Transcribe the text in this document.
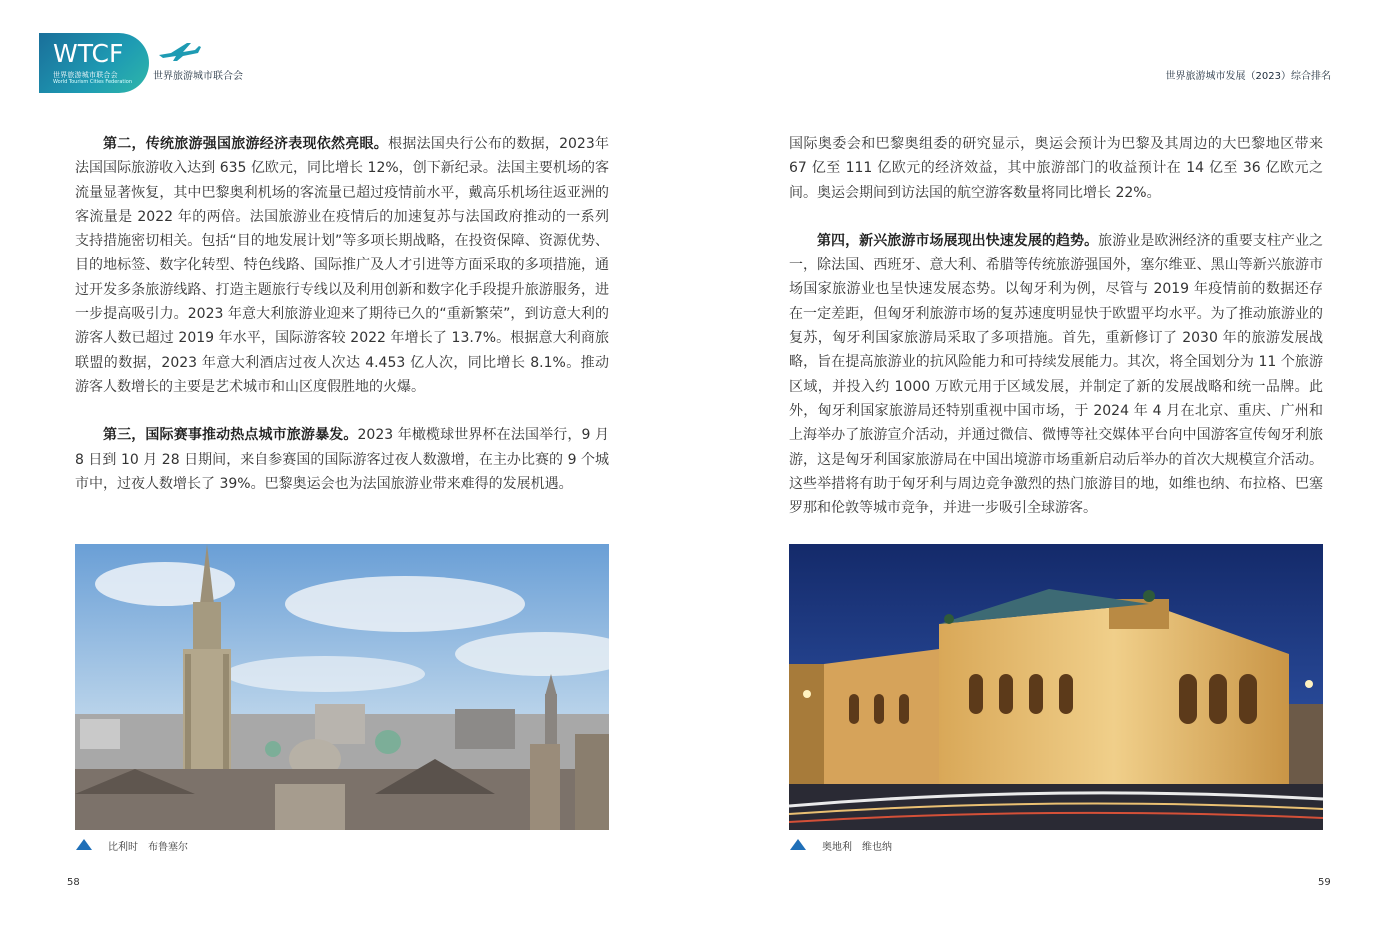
WTCF
世界旅游城市联合会
World Tourism Cities Federation 世界旅游城市联合会	世界旅游城市发展（2023）综合排名

第二，传统旅游强国旅游经济表现依然亮眼。根据法国央行公布的数据，2023年法国国际旅游收入达到 635 亿欧元，同比增长 12%，创下新纪录。法国主要机场的客流量显著恢复，其中巴黎奥利机场的客流量已超过疫情前水平，戴高乐机场往返亚洲的客流量是 2022 年的两倍。法国旅游业在疫情后的加速复苏与法国政府推动的一系列支持措施密切相关。包括“目的地发展计划”等多项长期战略，在投资保障、资源优势、目的地标签、数字化转型、特色线路、国际推广及人才引进等方面采取的多项措施，通过开发多条旅游线路、打造主题旅行专线以及利用创新和数字化手段提升旅游服务，进一步提高吸引力。2023 年意大利旅游业迎来了期待已久的“重新繁荣”，到访意大利的游客人数已超过 2019 年水平，国际游客较 2022 年增长了 13.7%。根据意大利商旅联盟的数据，2023 年意大利酒店过夜人次达 4.453 亿人次，同比增长 8.1%。推动游客人数增长的主要是艺术城市和山区度假胜地的火爆。

第三，国际赛事推动热点城市旅游暴发。2023 年橄榄球世界杯在法国举行，9 月 8 日到 10 月 28 日期间，来自参赛国的国际游客过夜人数激增，在主办比赛的 9 个城市中，过夜人数增长了 39%。巴黎奥运会也为法国旅游业带来难得的发展机遇。

比利时　布鲁塞尔
58

国际奥委会和巴黎奥组委的研究显示，奥运会预计为巴黎及其周边的大巴黎地区带来 67 亿至 111 亿欧元的经济效益，其中旅游部门的收益预计在 14 亿至 36 亿欧元之间。奥运会期间到访法国的航空游客数量将同比增长 22%。

第四，新兴旅游市场展现出快速发展的趋势。旅游业是欧洲经济的重要支柱产业之一，除法国、西班牙、意大利、希腊等传统旅游强国外，塞尔维亚、黑山等新兴旅游市场国家旅游业也呈快速发展态势。以匈牙利为例，尽管与 2019 年疫情前的数据还存在一定差距，但匈牙利旅游市场的复苏速度明显快于欧盟平均水平。为了推动旅游业的复苏，匈牙利国家旅游局采取了多项措施。首先，重新修订了 2030 年的旅游发展战略，旨在提高旅游业的抗风险能力和可持续发展能力。其次，将全国划分为 11 个旅游区域，并投入约 1000 万欧元用于区域发展，并制定了新的发展战略和统一品牌。此外，匈牙利国家旅游局还特别重视中国市场，于 2024 年 4 月在北京、重庆、广州和上海举办了旅游宣介活动，并通过微信、微博等社交媒体平台向中国游客宣传匈牙利旅游，这是匈牙利国家旅游局在中国出境游市场重新启动后举办的首次大规模宣介活动。这些举措将有助于匈牙利与周边竞争激烈的热门旅游目的地，如维也纳、布拉格、巴塞罗那和伦敦等城市竞争，并进一步吸引全球游客。

奥地利　维也纳
59
